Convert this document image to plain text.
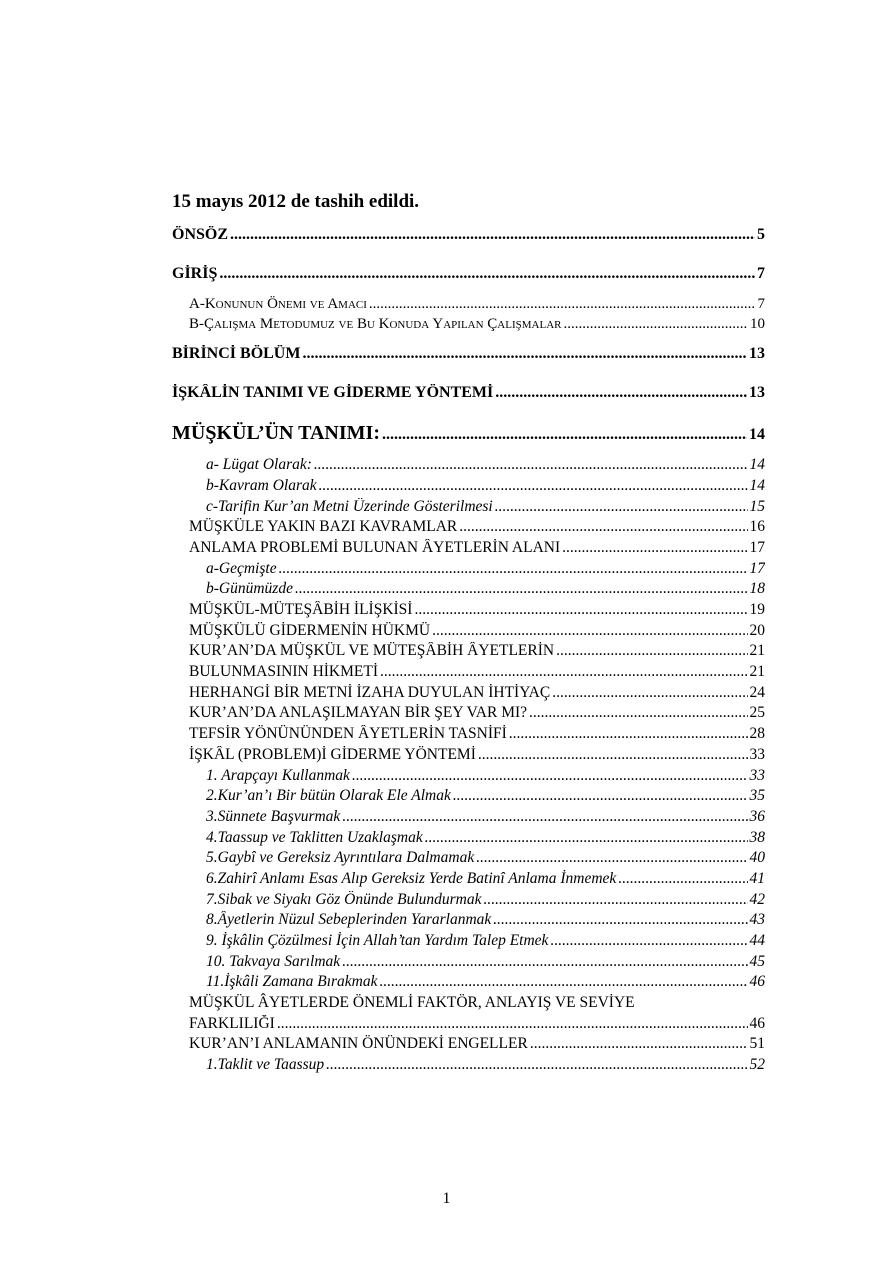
15 mayıs 2012 de tashih edildi.
ÖNSÖZ .....	5
GİRİŞ .....	7
A-Konunun Önemi ve Amacı .....	7
B-Çalışma Metodumuz ve Bu Konuda Yapılan Çalışmalar .....	10
BİRİNCİ BÖLÜM .....	13
İŞKÂLİN TANIMI VE GİDERME YÖNTEMİ .....	13
MÜŞKÜL’ÜN TANIMI: .....	14
a- Lügat Olarak: .....	14
b-Kavram Olarak .....	14
c-Tarifin Kur’an Metni Üzerinde Gösterilmesi .....	15
MÜŞKÜLE YAKIN BAZI KAVRAMLAR .....	16
ANLAMA PROBLEMİ BULUNAN ÂYETLERİN ALANI .....	17
a-Geçmişte .....	17
b-Günümüzde .....	18
MÜŞKÜL-MÜTEŞÂBİH İLİŞKİSİ .....	19
MÜŞKÜLÜ GİDERMENİN HÜKMÜ .....	20
KUR’AN’DA MÜŞKÜL VE MÜTEŞÂBİH ÂYETLERİN .....	21
BULUNMASININ HİKMETİ .....	21
HERHANGİ BİR METNİ İZAHA DUYULAN İHTİYAÇ .....	24
KUR’AN’DA ANLAŞILMAYAN BİR ŞEY VAR MI? .....	25
TEFSİR YÖNÜNÜNDEN ÂYETLERİN TASNİFİ .....	28
İŞKÂL (PROBLEM)İ GİDERME YÖNTEMİ .....	33
1. Arapçayı Kullanmak .....	33
2.Kur’an’ı Bir bütün Olarak Ele Almak .....	35
3.Sünnete Başvurmak .....	36
4.Taassup ve Taklitten Uzaklaşmak .....	38
5.Gaybî ve Gereksiz Ayrıntılara Dalmamak .....	40
6.Zahirî Anlamı Esas Alıp Gereksiz Yerde Batinî Anlama İnmemek .....	41
7.Sibak ve Siyakı Göz Önünde Bulundurmak .....	42
8.Âyetlerin Nüzul Sebeplerinden Yararlanmak .....	43
9. İşkâlin Çözülmesi İçin Allah’tan Yardım Talep Etmek .....	44
10. Takvaya Sarılmak .....	45
11.İşkâli Zamana Bırakmak .....	46
MÜŞKÜL ÂYETLERDE ÖNEMLİ FAKTÖR, ANLAYIŞ VE SEVİYE
FARKLILIĞI .....	46
KUR’AN’I ANLAMANIN ÖNÜNDEKİ ENGELLER .....	51
1.Taklit ve Taassup .....	52
1
